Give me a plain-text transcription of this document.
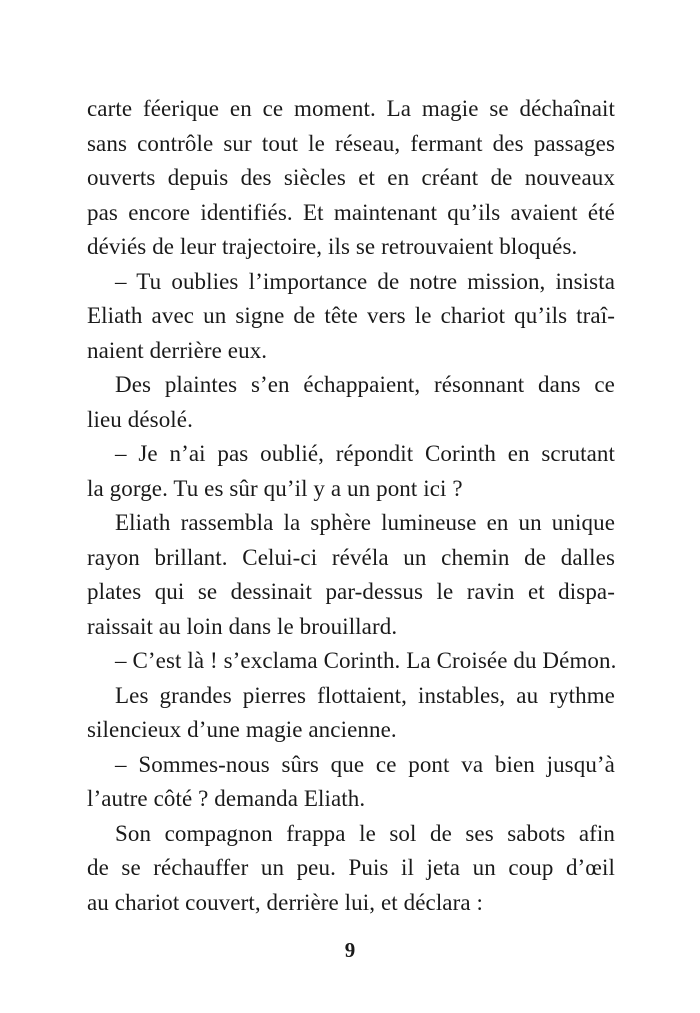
carte féerique en ce moment. La magie se déchaînait
sans contrôle sur tout le réseau, fermant des passages
ouverts depuis des siècles et en créant de nouveaux
pas encore identifiés. Et maintenant qu’ils avaient été
déviés de leur trajectoire, ils se retrouvaient bloqués.
– Tu oublies l’importance de notre mission, insista
Eliath avec un signe de tête vers le chariot qu’ils traî-
naient derrière eux.
Des plaintes s’en échappaient, résonnant dans ce
lieu désolé.
– Je n’ai pas oublié, répondit Corinth en scrutant
la gorge. Tu es sûr qu’il y a un pont ici ?
Eliath rassembla la sphère lumineuse en un unique
rayon brillant. Celui-ci révéla un chemin de dalles
plates qui se dessinait par-dessus le ravin et dispa-
raissait au loin dans le brouillard.
– C’est là ! s’exclama Corinth. La Croisée du Démon.
Les grandes pierres flottaient, instables, au rythme
silencieux d’une magie ancienne.
– Sommes-nous sûrs que ce pont va bien jusqu’à
l’autre côté ? demanda Eliath.
Son compagnon frappa le sol de ses sabots afin
de se réchauffer un peu. Puis il jeta un coup d’œil
au chariot couvert, derrière lui, et déclara :
9
